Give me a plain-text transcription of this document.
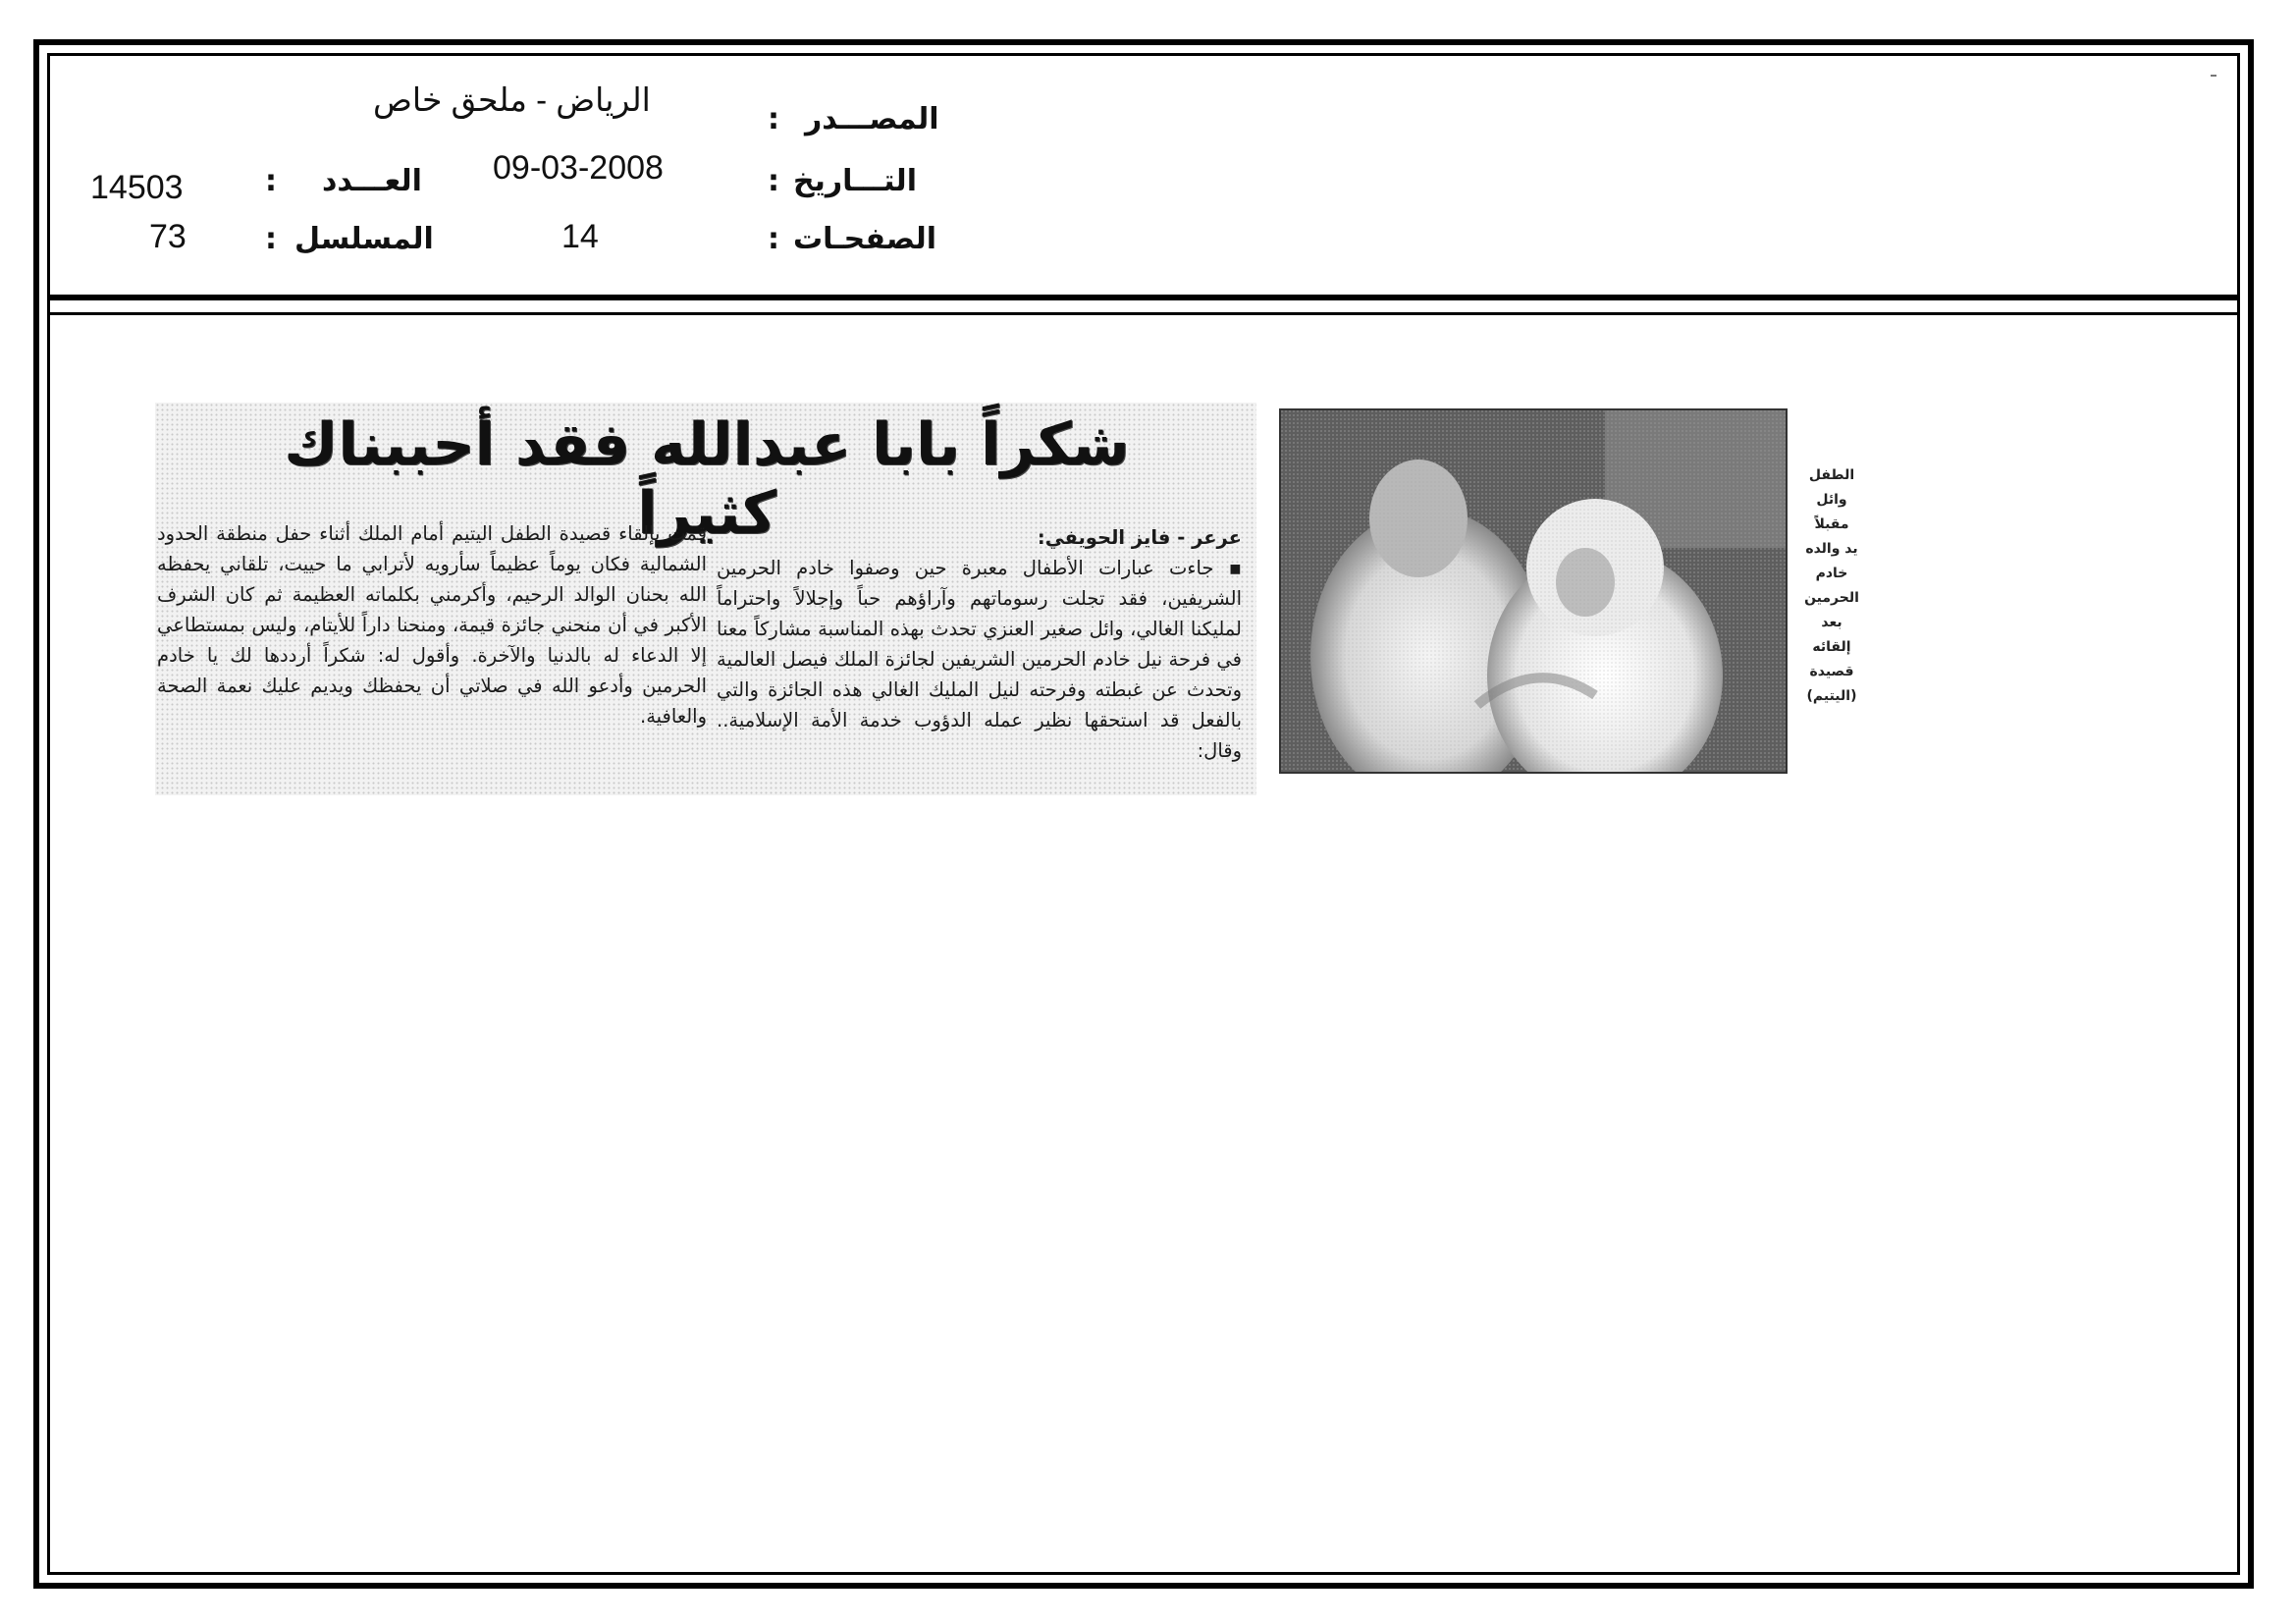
المصـــدر
:
التـــاريخ
:
الصفحـات
:
الرياض - ملحق خاص
09-03-2008
14
العـــدد
:
14503
المسلسل
:
73
شكراً بابا عبدالله فقد أحببناك كثيراً	عرعر - فايز الحويفي:
▪ جاءت عبارات الأطفال معبرة حين وصفوا خادم الحرمين الشريفين، فقد تجلت رسوماتهم وآراؤهم حباً وإجلالاً واحتراماً لمليكنا الغالي، وائل صغير العنزي تحدث بهذه المناسبة مشاركاً معنا في فرحة نيل خادم الحرمين الشريفين لجائزة الملك فيصل العالمية وتحدث عن غبطته وفرحته لنيل المليك الغالي هذه الجائزة والتي بالفعل قد استحقها نظير عمله الدؤوب خدمة الأمة الإسلامية.. وقال:
قمت بإلقاء قصيدة الطفل اليتيم أمام الملك أثناء حفل منطقة الحدود الشمالية فكان يوماً عظيماً سأرويه لأترابي ما حييت، تلقاني يحفظه الله بحنان الوالد الرحيم، وأكرمني بكلماته العظيمة ثم كان الشرف الأكبر في أن منحني جائزة قيمة، ومنحنا داراً للأيتام، وليس بمستطاعي إلا الدعاء له بالدنيا والآخرة. وأقول له: شكراً أرددها لك يا خادم الحرمين وأدعو الله في صلاتي أن يحفظك ويديم عليك نعمة الصحة والعافية.
الطفل
وائل مقبلاً
يد والده
خادم
الحرمين
بعد إلقائه
قصيدة
(اليتيم)
